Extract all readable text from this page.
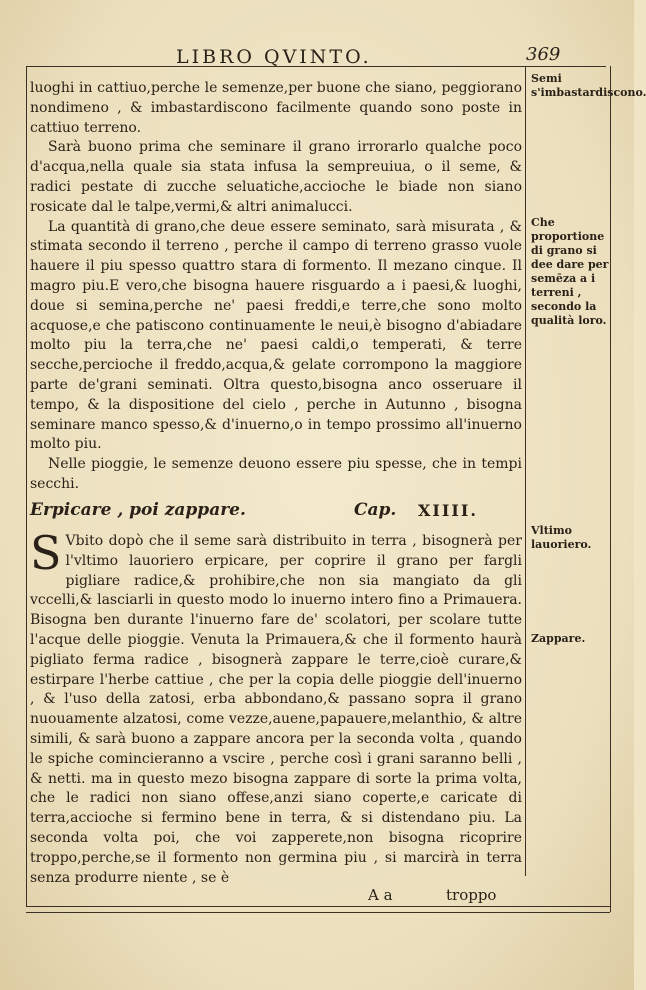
LIBRO QVINTO.	369

luoghi in cattiuo,perche le semenze,per buone che siano, peggiorano nondimeno , & imbastardiscono facilmente quando sono poste in cattiuo terreno.

Sarà buono prima che seminare il grano irrorarlo qualche poco d'acqua,nella quale sia stata infusa la sempreuiua, o il seme, & radici pestate di zucche seluatiche,accioche le biade non siano rosicate dal le talpe,vermi,& altri animalucci.

La quantità di grano,che deue essere seminato, sarà misurata , & stimata secondo il terreno , perche il campo di terreno grasso vuole hauere il piu spesso quattro stara di formento. Il mezano cinque. Il magro piu.E vero,che bisogna hauere risguardo a i paesi,& luoghi, doue si semina,perche ne' paesi freddi,e terre,che sono molto acquose,e che patiscono continuamente le neui,è bisogno d'abiadare molto piu la terra,che ne' paesi caldi,o temperati, & terre secche,percioche il freddo,acqua,& gelate corrompono la maggiore parte de'grani seminati. Oltra questo,bisogna anco osseruare il tempo, & la dispositione del cielo , perche in Autunno , bisogna seminare manco spesso,& d'inuerno,o in tempo prossimo all'inuerno molto piu.

Nelle pioggie, le semenze deuono essere piu spesse, che in tempi secchi.

Erpicare , poi zappare.	Cap. XIIII.
S Vbito dopò che il seme sarà distribuito in terra , bisognerà per l'vltimo lauoriero erpicare, per coprire il grano per fargli pigliare radice,& prohibire,che non sia mangiato da gli vccelli,& lasciarli in questo modo lo inuerno intero fino a Primauera. Bisogna ben durante l'inuerno fare de' scolatori, per scolare tutte l'acque delle pioggie. Venuta la Primauera,& che il formento haurà pigliato ferma radice , bisognerà zappare le terre,cioè curare,& estirpare l'herbe cattiue , che per la copia delle pioggie dell'inuerno , & l'uso della zatosi, erba abbondano,& passano sopra il grano nuouamente alzatosi, come vezze,auene,papauere,melanthio, & altre simili, & sarà buono a zappare ancora per la seconda volta , quando le spiche comincieranno a vscire , perche così i grani saranno belli , & netti. ma in questo mezo bisogna zappare di sorte la prima volta, che le radici non siano offese,anzi siano coperte,e caricate di terra,accioche si fermino bene in terra, & si distendano piu. La seconda volta poi, che voi zapperete,non bisogna ricoprire troppo,perche,se il formento non germina piu , si marcirà in terra senza produrre niente , se è
Semi s'imbastardiscono.
Che proportione di grano si dee dare per semēza a i terreni , secondo la qualità loro.
Vltimo lauoriero.
Zappare.
A a	troppo
